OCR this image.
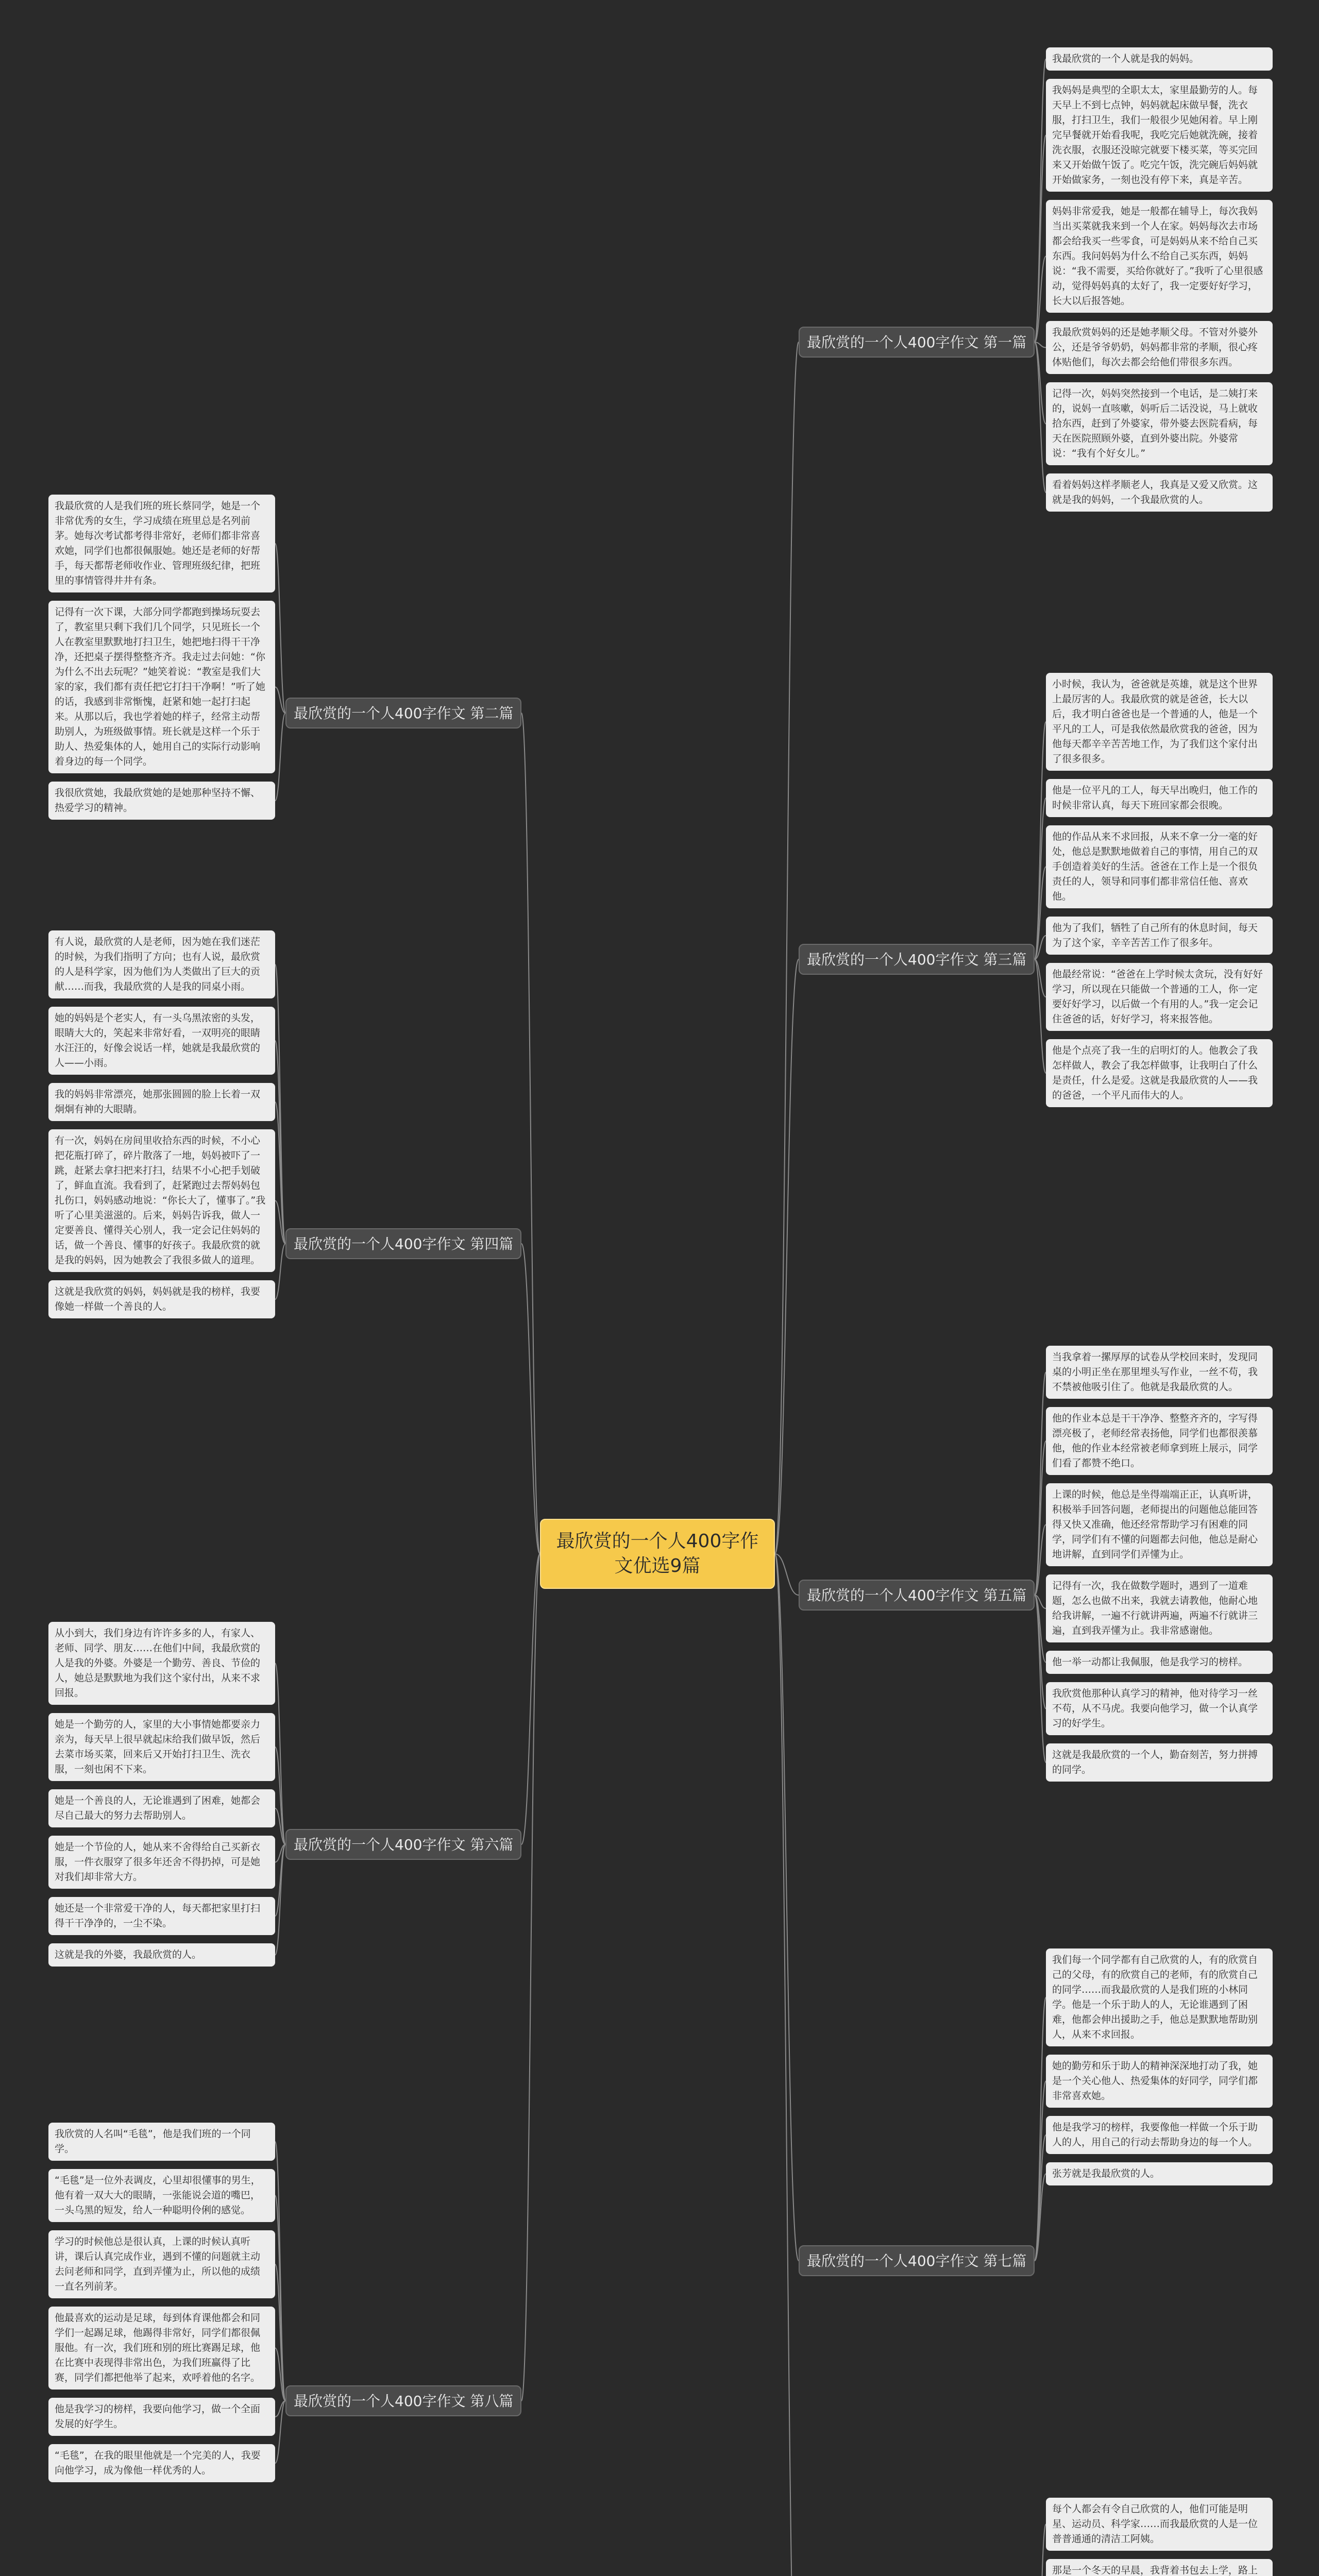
最欣赏的一个人400字作文优选9篇
最欣赏的一个人400字作文 第一篇
我最欣赏的一个人就是我的妈妈。
我妈妈是典型的全职太太，家里最勤劳的人。每天早上不到七点钟，妈妈就起床做早餐，洗衣服，打扫卫生，我们一般很少见她闲着。早上刚完早餐就开始看我呢，我吃完后她就洗碗，接着洗衣服，衣服还没晾完就要下楼买菜，等买完回来又开始做午饭了。吃完午饭，洗完碗后妈妈就开始做家务，一刻也没有停下来，真是辛苦。
妈妈非常爱我，她是一般都在辅导上，每次我妈当出买菜就我来到一个人在家。妈妈每次去市场都会给我买一些零食，可是妈妈从来不给自己买东西。我问妈妈为什么不给自己买东西，妈妈说：“我不需要，买给你就好了。”我听了心里很感动，觉得妈妈真的太好了，我一定要好好学习，长大以后报答她。
我最欣赏妈妈的还是她孝顺父母。不管对外婆外公，还是爷爷奶奶，妈妈都非常的孝顺，很心疼体贴他们，每次去都会给他们带很多东西。
记得一次，妈妈突然接到一个电话，是二姨打来的，说妈一直咳嗽，妈听后二话没说，马上就收拾东西，赶到了外婆家，带外婆去医院看病，每天在医院照顾外婆，直到外婆出院。外婆常说：“我有个好女儿。”
看着妈妈这样孝顺老人，我真是又爱又欣赏。这就是我的妈妈，一个我最欣赏的人。
最欣赏的一个人400字作文 第二篇
我最欣赏的人是我们班的班长蔡同学，她是一个非常优秀的女生，学习成绩在班里总是名列前茅。她每次考试都考得非常好，老师们都非常喜欢她，同学们也都很佩服她。她还是老师的好帮手，每天都帮老师收作业、管理班级纪律，把班里的事情管得井井有条。
记得有一次下课，大部分同学都跑到操场玩耍去了，教室里只剩下我们几个同学，只见班长一个人在教室里默默地打扫卫生，她把地扫得干干净净，还把桌子摆得整整齐齐。我走过去问她：“你为什么不出去玩呢？”她笑着说：“教室是我们大家的家，我们都有责任把它打扫干净啊！”听了她的话，我感到非常惭愧，赶紧和她一起打扫起来。从那以后，我也学着她的样子，经常主动帮助别人，为班级做事情。班长就是这样一个乐于助人、热爱集体的人，她用自己的实际行动影响着身边的每一个同学。
我很欣赏她，我最欣赏她的是她那种坚持不懈、热爱学习的精神。
最欣赏的一个人400字作文 第三篇
小时候，我认为，爸爸就是英雄，就是这个世界上最厉害的人。我最欣赏的就是爸爸，长大以后，我才明白爸爸也是一个普通的人，他是一个平凡的工人，可是我依然最欣赏我的爸爸，因为他每天都辛辛苦苦地工作，为了我们这个家付出了很多很多。
他是一位平凡的工人，每天早出晚归，他工作的时候非常认真，每天下班回家都会很晚。
他的作品从来不求回报，从来不拿一分一毫的好处，他总是默默地做着自己的事情，用自己的双手创造着美好的生活。爸爸在工作上是一个很负责任的人，领导和同事们都非常信任他、喜欢他。
他为了我们，牺牲了自己所有的休息时间，每天为了这个家，辛辛苦苦工作了很多年。
他最经常说：“爸爸在上学时候太贪玩，没有好好学习，所以现在只能做一个普通的工人，你一定要好好学习，以后做一个有用的人。”我一定会记住爸爸的话，好好学习，将来报答他。
他是个点亮了我一生的启明灯的人。他教会了我怎样做人，教会了我怎样做事，让我明白了什么是责任，什么是爱。这就是我最欣赏的人——我的爸爸，一个平凡而伟大的人。
最欣赏的一个人400字作文 第四篇
有人说，最欣赏的人是老师，因为她在我们迷茫的时候，为我们指明了方向；也有人说，最欣赏的人是科学家，因为他们为人类做出了巨大的贡献……而我，我最欣赏的人是我的同桌小雨。
她的妈妈是个老实人，有一头乌黑浓密的头发，眼睛大大的，笑起来非常好看，一双明亮的眼睛水汪汪的，好像会说话一样，她就是我最欣赏的人——小雨。
我的妈妈非常漂亮，她那张圆圆的脸上长着一双炯炯有神的大眼睛。
有一次，妈妈在房间里收拾东西的时候，不小心把花瓶打碎了，碎片散落了一地，妈妈被吓了一跳，赶紧去拿扫把来打扫，结果不小心把手划破了，鲜血直流。我看到了，赶紧跑过去帮妈妈包扎伤口，妈妈感动地说：“你长大了，懂事了。”我听了心里美滋滋的。后来，妈妈告诉我，做人一定要善良、懂得关心别人，我一定会记住妈妈的话，做一个善良、懂事的好孩子。我最欣赏的就是我的妈妈，因为她教会了我很多做人的道理。
这就是我欣赏的妈妈，妈妈就是我的榜样，我要像她一样做一个善良的人。
最欣赏的一个人400字作文 第五篇
当我拿着一摞厚厚的试卷从学校回来时，发现同桌的小明正坐在那里埋头写作业，一丝不苟，我不禁被他吸引住了。他就是我最欣赏的人。
他的作业本总是干干净净、整整齐齐的，字写得漂亮极了，老师经常表扬他，同学们也都很羡慕他，他的作业本经常被老师拿到班上展示，同学们看了都赞不绝口。
上课的时候，他总是坐得端端正正，认真听讲，积极举手回答问题，老师提出的问题他总能回答得又快又准确，他还经常帮助学习有困难的同学，同学们有不懂的问题都去问他，他总是耐心地讲解，直到同学们弄懂为止。
记得有一次，我在做数学题时，遇到了一道难题，怎么也做不出来，我就去请教他，他耐心地给我讲解，一遍不行就讲两遍，两遍不行就讲三遍，直到我弄懂为止。我非常感谢他。
他一举一动都让我佩服，他是我学习的榜样。
我欣赏他那种认真学习的精神，他对待学习一丝不苟，从不马虎。我要向他学习，做一个认真学习的好学生。
这就是我最欣赏的一个人，勤奋刻苦，努力拼搏的同学。
最欣赏的一个人400字作文 第六篇
从小到大，我们身边有许许多多的人，有家人、老师、同学、朋友……在他们中间，我最欣赏的人是我的外婆。外婆是一个勤劳、善良、节俭的人，她总是默默地为我们这个家付出，从来不求回报。
她是一个勤劳的人，家里的大小事情她都要亲力亲为，每天早上很早就起床给我们做早饭，然后去菜市场买菜，回来后又开始打扫卫生、洗衣服，一刻也闲不下来。
她是一个善良的人，无论谁遇到了困难，她都会尽自己最大的努力去帮助别人。
她是一个节俭的人，她从来不舍得给自己买新衣服，一件衣服穿了很多年还舍不得扔掉，可是她对我们却非常大方。
她还是一个非常爱干净的人，每天都把家里打扫得干干净净的，一尘不染。
这就是我的外婆，我最欣赏的人。
最欣赏的一个人400字作文 第七篇
我们每一个同学都有自己欣赏的人，有的欣赏自己的父母，有的欣赏自己的老师，有的欣赏自己的同学……而我最欣赏的人是我们班的小林同学。他是一个乐于助人的人，无论谁遇到了困难，他都会伸出援助之手，他总是默默地帮助别人，从来不求回报。
她的勤劳和乐于助人的精神深深地打动了我，她是一个关心他人、热爱集体的好同学，同学们都非常喜欢她。
他是我学习的榜样，我要像他一样做一个乐于助人的人，用自己的行动去帮助身边的每一个人。
张芳就是我最欣赏的人。
最欣赏的一个人400字作文 第八篇
我欣赏的人名叫“毛毯”，他是我们班的一个同学。
“毛毯”是一位外表调皮，心里却很懂事的男生，他有着一双大大的眼睛，一张能说会道的嘴巴，一头乌黑的短发，给人一种聪明伶俐的感觉。
学习的时候他总是很认真，上课的时候认真听讲，课后认真完成作业，遇到不懂的问题就主动去问老师和同学，直到弄懂为止，所以他的成绩一直名列前茅。
他最喜欢的运动是足球，每到体育课他都会和同学们一起踢足球，他踢得非常好，同学们都很佩服他。有一次，我们班和别的班比赛踢足球，他在比赛中表现得非常出色，为我们班赢得了比赛，同学们都把他举了起来，欢呼着他的名字。
他是我学习的榜样，我要向他学习，做一个全面发展的好学生。
“毛毯”，在我的眼里他就是一个完美的人，我要向他学习，成为像他一样优秀的人。
每个人都会有令自己欣赏的人，他们可能是明星、运动员、科学家……而我最欣赏的人是一位普普通通的清洁工阿姨。
那是一个冬天的早晨，我背着书包去上学，路上
